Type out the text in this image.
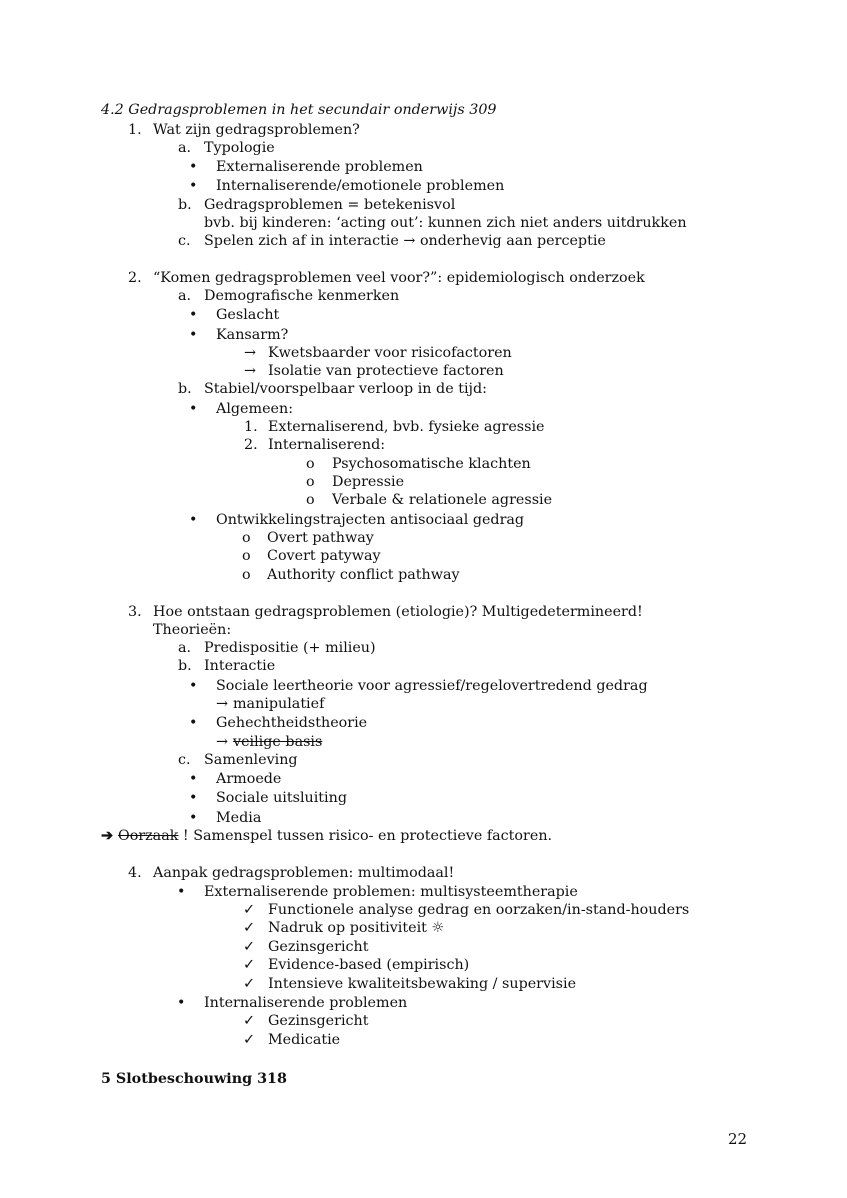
4.2 Gedragsproblemen in het secundair onderwijs 309

1. Wat zijn gedragsproblemen?
a. Typologie
• Externaliserende problemen
• Internaliserende/emotionele problemen
b. Gedragsproblemen = betekenisvol
bvb. bij kinderen: ‘acting out’: kunnen zich niet anders uitdrukken
c. Spelen zich af in interactie → onderhevig aan perceptie
2. “Komen gedragsproblemen veel voor?”: epidemiologisch onderzoek
a. Demografische kenmerken
• Geslacht
• Kansarm?
→ Kwetsbaarder voor risicofactoren
→ Isolatie van protectieve factoren
b. Stabiel/voorspelbaar verloop in de tijd:
• Algemeen:
1. Externaliserend, bvb. fysieke agressie
2. Internaliserend:
o Psychosomatische klachten
o Depressie
o Verbale & relationele agressie
• Ontwikkelingstrajecten antisociaal gedrag
o Overt pathway
o Covert patyway
o Authority conflict pathway
3. Hoe ontstaan gedragsproblemen (etiologie)? Multigedetermineerd!
Theorieën:
a. Predispositie (+ milieu)
b. Interactie
• Sociale leertheorie voor agressief/regelovertredend gedrag
→ manipulatief
• Gehechtheidstheorie
→ veilige basis
c. Samenleving
• Armoede
• Sociale uitsluiting
• Media

➔ Oorzaak ! Samenspel tussen risico- en protectieve factoren.

4. Aanpak gedragsproblemen: multimodaal!
• Externaliserende problemen: multisysteemtherapie
✓ Functionele analyse gedrag en oorzaken/in-stand-houders
✓ Nadruk op positiviteit ☼
✓ Gezinsgericht
✓ Evidence-based (empirisch)
✓ Intensieve kwaliteitsbewaking / supervisie
• Internaliserende problemen
✓ Gezinsgericht
✓ Medicatie

5 Slotbeschouwing 318

22
